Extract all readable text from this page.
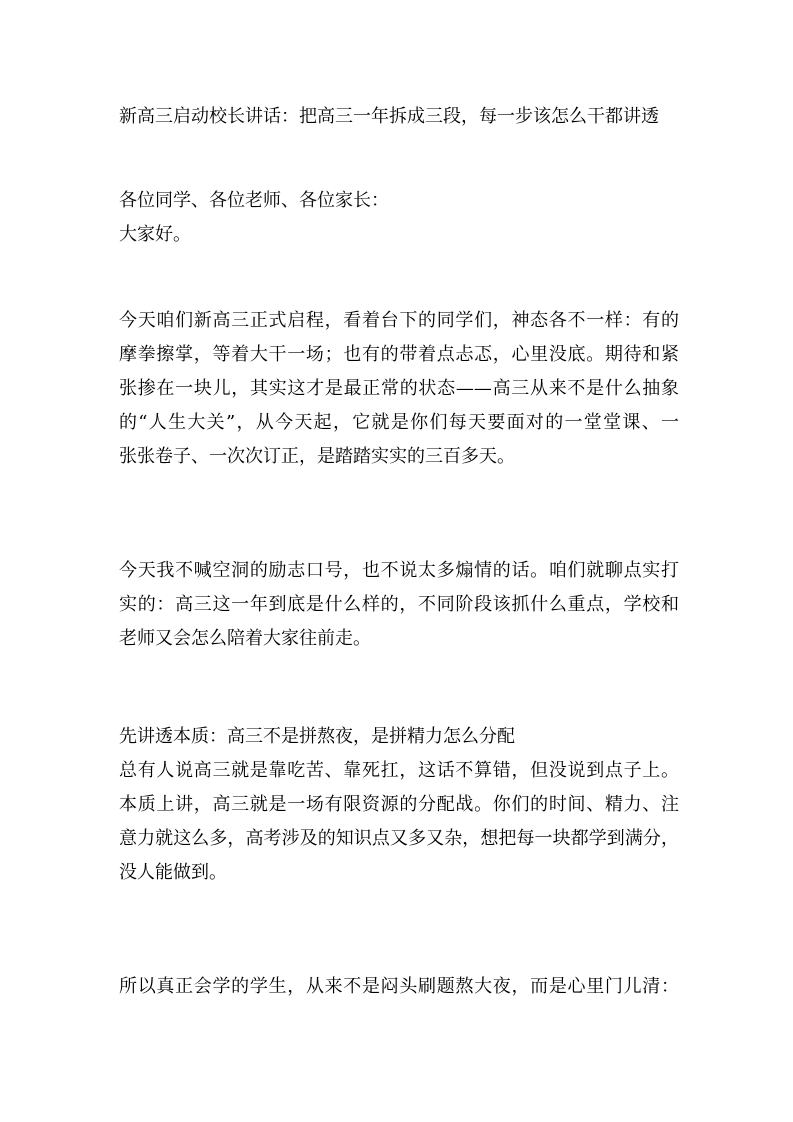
新高三启动校长讲话：把高三一年拆成三段，每一步该怎么干都讲透
各位同学、各位老师、各位家长：
大家好。
今天咱们新高三正式启程，看着台下的同学们，神态各不一样：有的
摩拳擦掌，等着大干一场；也有的带着点忐忑，心里没底。期待和紧
张掺在一块儿，其实这才是最正常的状态——高三从来不是什么抽象
的“人生大关”，从今天起，它就是你们每天要面对的一堂堂课、一
张张卷子、一次次订正，是踏踏实实的三百多天。
今天我不喊空洞的励志口号，也不说太多煽情的话。咱们就聊点实打
实的：高三这一年到底是什么样的，不同阶段该抓什么重点，学校和
老师又会怎么陪着大家往前走。
先讲透本质：高三不是拼熬夜，是拼精力怎么分配
总有人说高三就是靠吃苦、靠死扛，这话不算错，但没说到点子上。
本质上讲，高三就是一场有限资源的分配战。你们的时间、精力、注
意力就这么多，高考涉及的知识点又多又杂，想把每一块都学到满分，
没人能做到。
所以真正会学的学生，从来不是闷头刷题熬大夜，而是心里门儿清：
